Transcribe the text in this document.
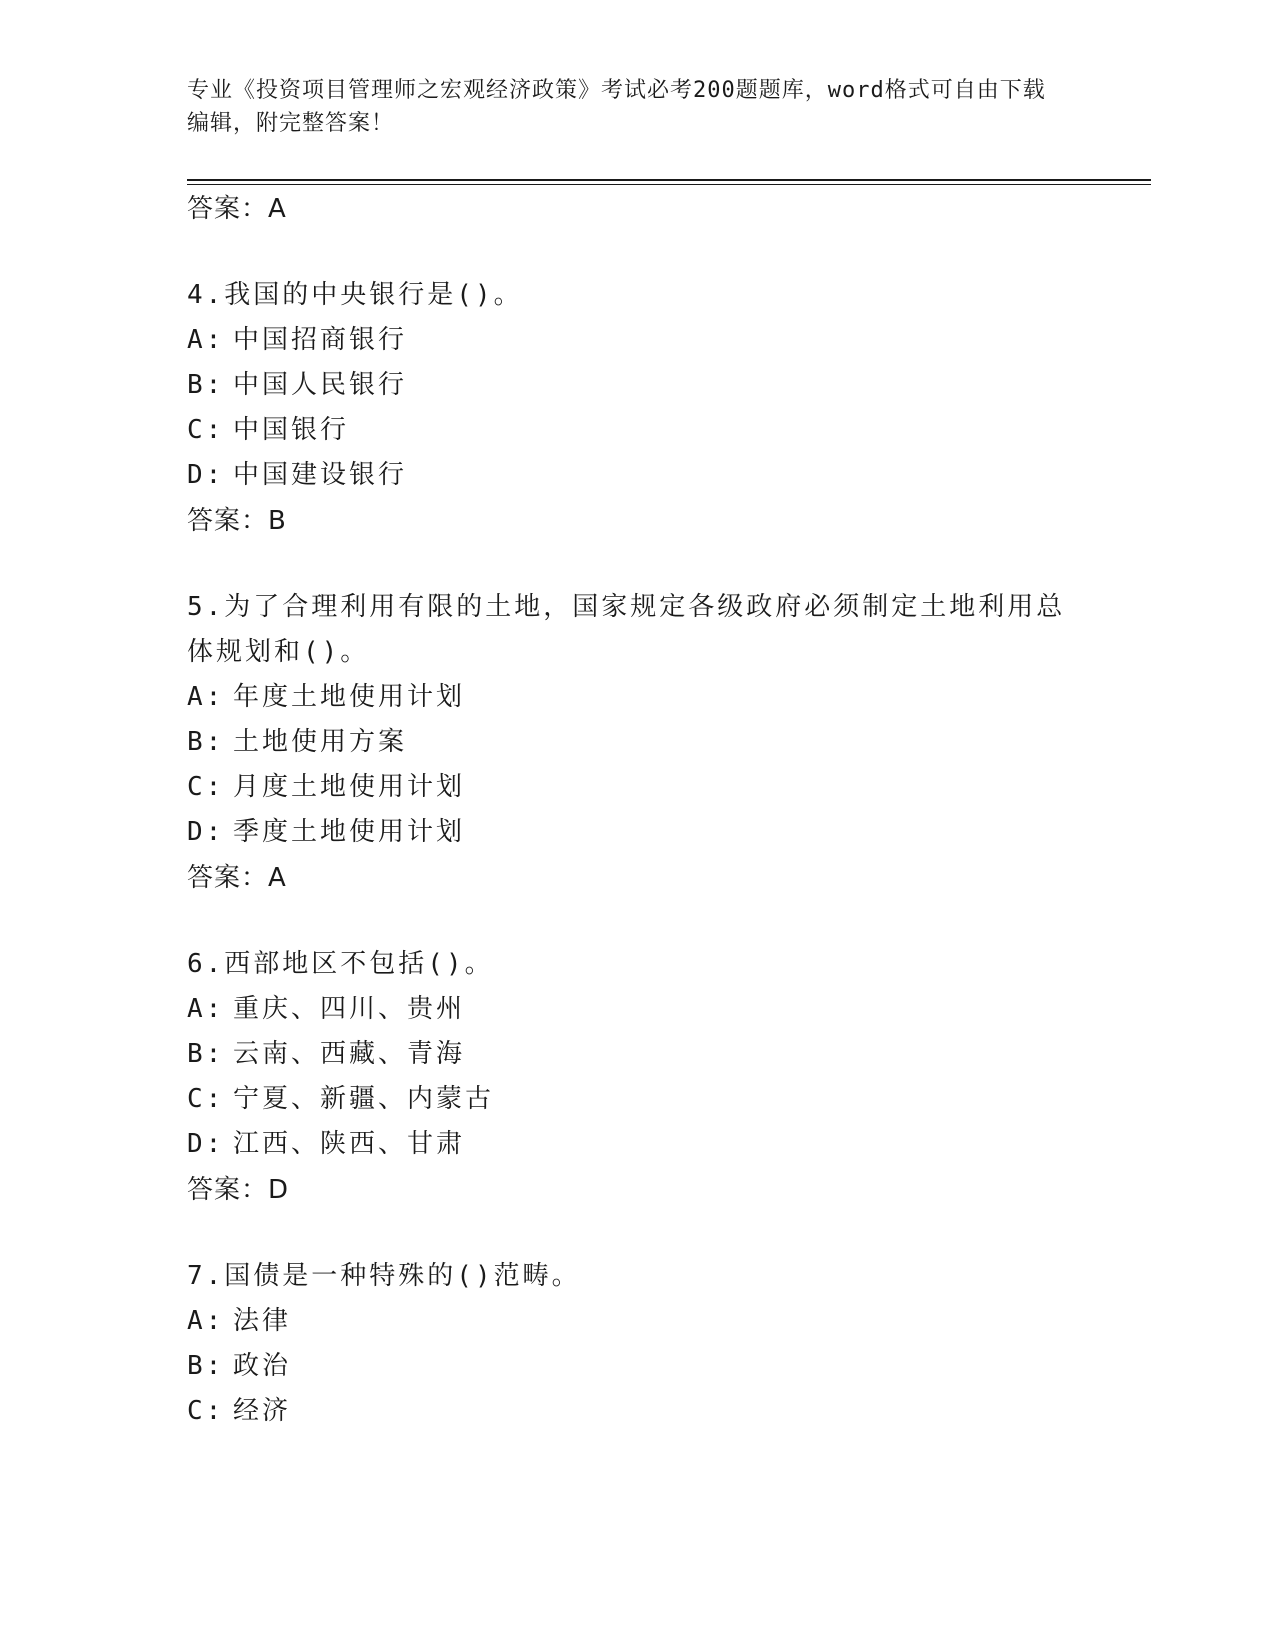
专业《投资项目管理师之宏观经济政策》考试必考200题题库，word格式可自由下载编辑，附完整答案！
答案：A
4.我国的中央银行是()。
A: 中国招商银行
B: 中国人民银行
C: 中国银行
D: 中国建设银行
答案：B
5.为了合理利用有限的土地，国家规定各级政府必须制定土地利用总体规划和()。
A: 年度土地使用计划
B: 土地使用方案
C: 月度土地使用计划
D: 季度土地使用计划
答案：A
6.西部地区不包括()。
A: 重庆、四川、贵州
B: 云南、西藏、青海
C: 宁夏、新疆、内蒙古
D: 江西、陕西、甘肃
答案：D
7.国债是一种特殊的()范畴。
A: 法律
B: 政治
C: 经济
